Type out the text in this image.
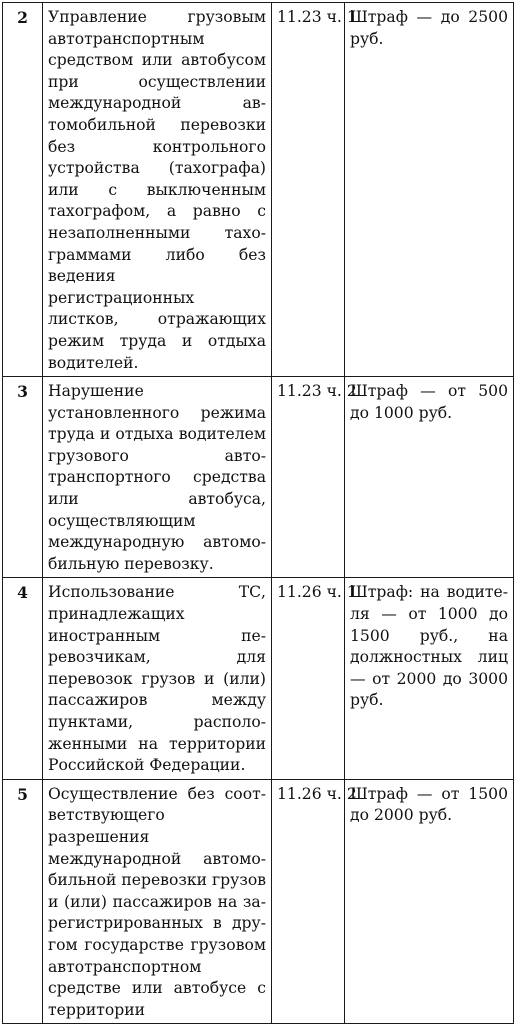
2	Управление грузовым автотранспортным средством или автобусом при осуществлении международной автомобильной перевозки без контрольного устройства (тахографа) или с выключенным тахографом, а равно с незаполненными тахограммами либо без ведения регистрационных листков, отражающих режим труда и отдыха водителей.	11.23 ч. 1	Штраф — до 2500 руб.
3	Нарушение установленного режима труда и отдыха водителем грузового автотранспортного средства или автобуса, осуществляющим международную автомобильную перевозку.	11.23 ч. 2	Штраф — от 500 до 1000 руб.
4	Использование ТС, принадлежащих иностранным перевозчикам, для перевозок грузов и (или) пассажиров между пунктами, расположенными на территории Российской Федерации.	11.26 ч. 1	Штраф: на водителя — от 1000 до 1500 руб., на должностных лиц — от 2000 до 3000 руб.
5	Осуществление без соответствующего разрешения международной автомобильной перевозки грузов и (или) пассажиров на зарегистрированных в другом государстве грузовом автотранспортном средстве или автобусе с территории	11.26 ч. 2	Штраф — от 1500 до 2000 руб.
